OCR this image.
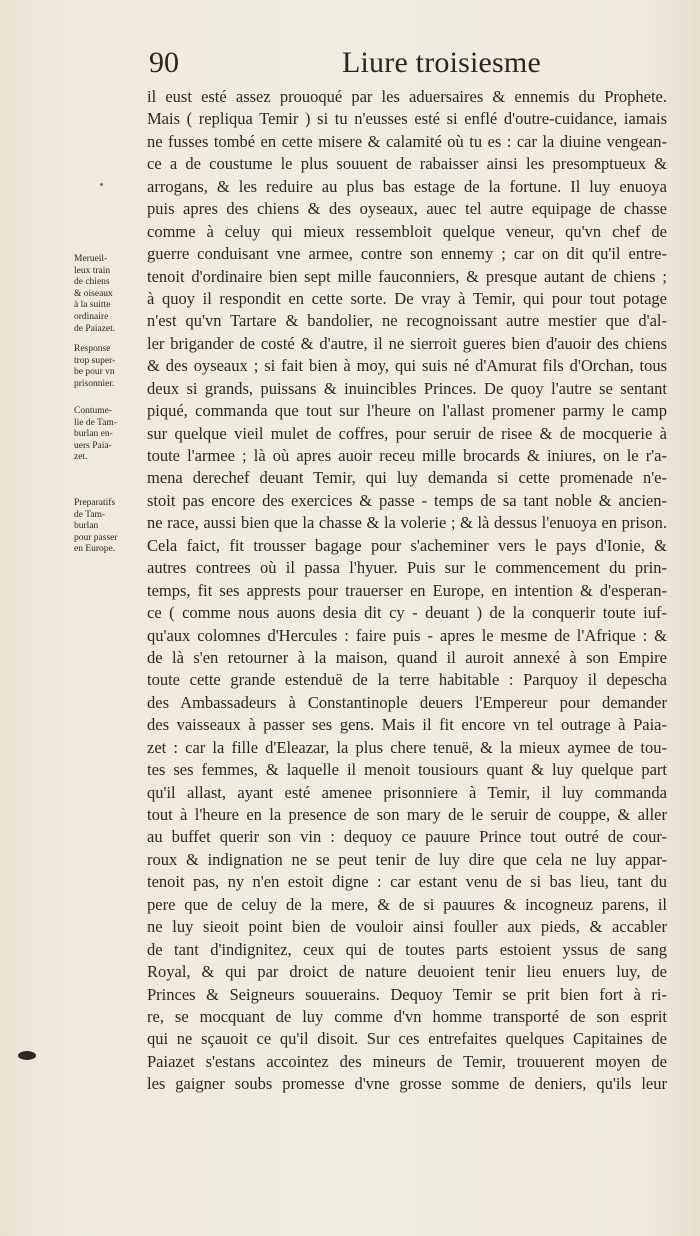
90	Liure troisiesme
Merueil-
leux train
de chiens
& oiseaux
à la suitte
ordinaire
de Paiazet.
Response
trop super-
be pour vn
prisonnier.
Contume-
lie de Tam-
burlan en-
uers Paia-
zet.
Preparatifs
de Tam-
burlan
pour passer
en Europe.
il eust esté assez prouoqué par les aduersaires & ennemis du Prophete.
Mais ( repliqua Temir ) si tu n'eusses esté si enflé d'outre-cuidance, iamais
ne fusses tombé en cette misere & calamité où tu es : car la diuine vengean-
ce a de coustume le plus souuent de rabaisser ainsi les presomptueux &
arrogans, & les reduire au plus bas estage de la fortune. Il luy enuoya
puis apres des chiens & des oyseaux, auec tel autre equipage de chasse
comme à celuy qui mieux ressembloit quelque veneur, qu'vn chef de
guerre conduisant vne armee, contre son ennemy ; car on dit qu'il entre-
tenoit d'ordinaire bien sept mille fauconniers, & presque autant de chiens ;
à quoy il respondit en cette sorte. De vray à Temir, qui pour tout potage
n'est qu'vn Tartare & bandolier, ne recognoissant autre mestier que d'al-
ler brigander de costé & d'autre, il ne sierroit gueres bien d'auoir des chiens
& des oyseaux ; si fait bien à moy, qui suis né d'Amurat fils d'Orchan, tous
deux si grands, puissans & inuincibles Princes. De quoy l'autre se sentant
piqué, commanda que tout sur l'heure on l'allast promener parmy le camp
sur quelque vieil mulet de coffres, pour seruir de risee & de mocquerie à
toute l'armee ; là où apres auoir receu mille brocards & iniures, on le r'a-
mena derechef deuant Temir, qui luy demanda si cette promenade n'e-
stoit pas encore des exercices & passe - temps de sa tant noble & ancien-
ne race, aussi bien que la chasse & la volerie ; & là dessus l'enuoya en prison.
Cela faict, fit trousser bagage pour s'acheminer vers le pays d'Ionie, &
autres contrees où il passa l'hyuer. Puis sur le commencement du prin-
temps, fit ses apprests pour trauerser en Europe, en intention & d'esperan-
ce ( comme nous auons desia dit cy - deuant ) de la conquerir toute iuf-
qu'aux colomnes d'Hercules : faire puis - apres le mesme de l'Afrique : &
de là s'en retourner à la maison, quand il auroit annexé à son Empire
toute cette grande estenduë de la terre habitable : Parquoy il depescha
des Ambassadeurs à Constantinople deuers l'Empereur pour demander
des vaisseaux à passer ses gens. Mais il fit encore vn tel outrage à Paia-
zet : car la fille d'Eleazar, la plus chere tenuë, & la mieux aymee de tou-
tes ses femmes, & laquelle il menoit tousiours quant & luy quelque part
qu'il allast, ayant esté amenee prisonniere à Temir, il luy commanda
tout à l'heure en la presence de son mary de le seruir de couppe, & aller
au buffet querir son vin : dequoy ce pauure Prince tout outré de cour-
roux & indignation ne se peut tenir de luy dire que cela ne luy appar-
tenoit pas, ny n'en estoit digne : car estant venu de si bas lieu, tant du
pere que de celuy de la mere, & de si pauures & incogneuz parens, il
ne luy sieoit point bien de vouloir ainsi fouller aux pieds, & accabler
de tant d'indignitez, ceux qui de toutes parts estoient yssus de sang
Royal, & qui par droict de nature deuoient tenir lieu enuers luy, de
Princes & Seigneurs souuerains. Dequoy Temir se prit bien fort à ri-
re, se mocquant de luy comme d'vn homme transporté de son esprit
qui ne sçauoit ce qu'il disoit. Sur ces entrefaites quelques Capitaines de
Paiazet s'estans accointez des mineurs de Temir, trouuerent moyen de
les gaigner soubs promesse d'vne grosse somme de deniers, qu'ils leur
